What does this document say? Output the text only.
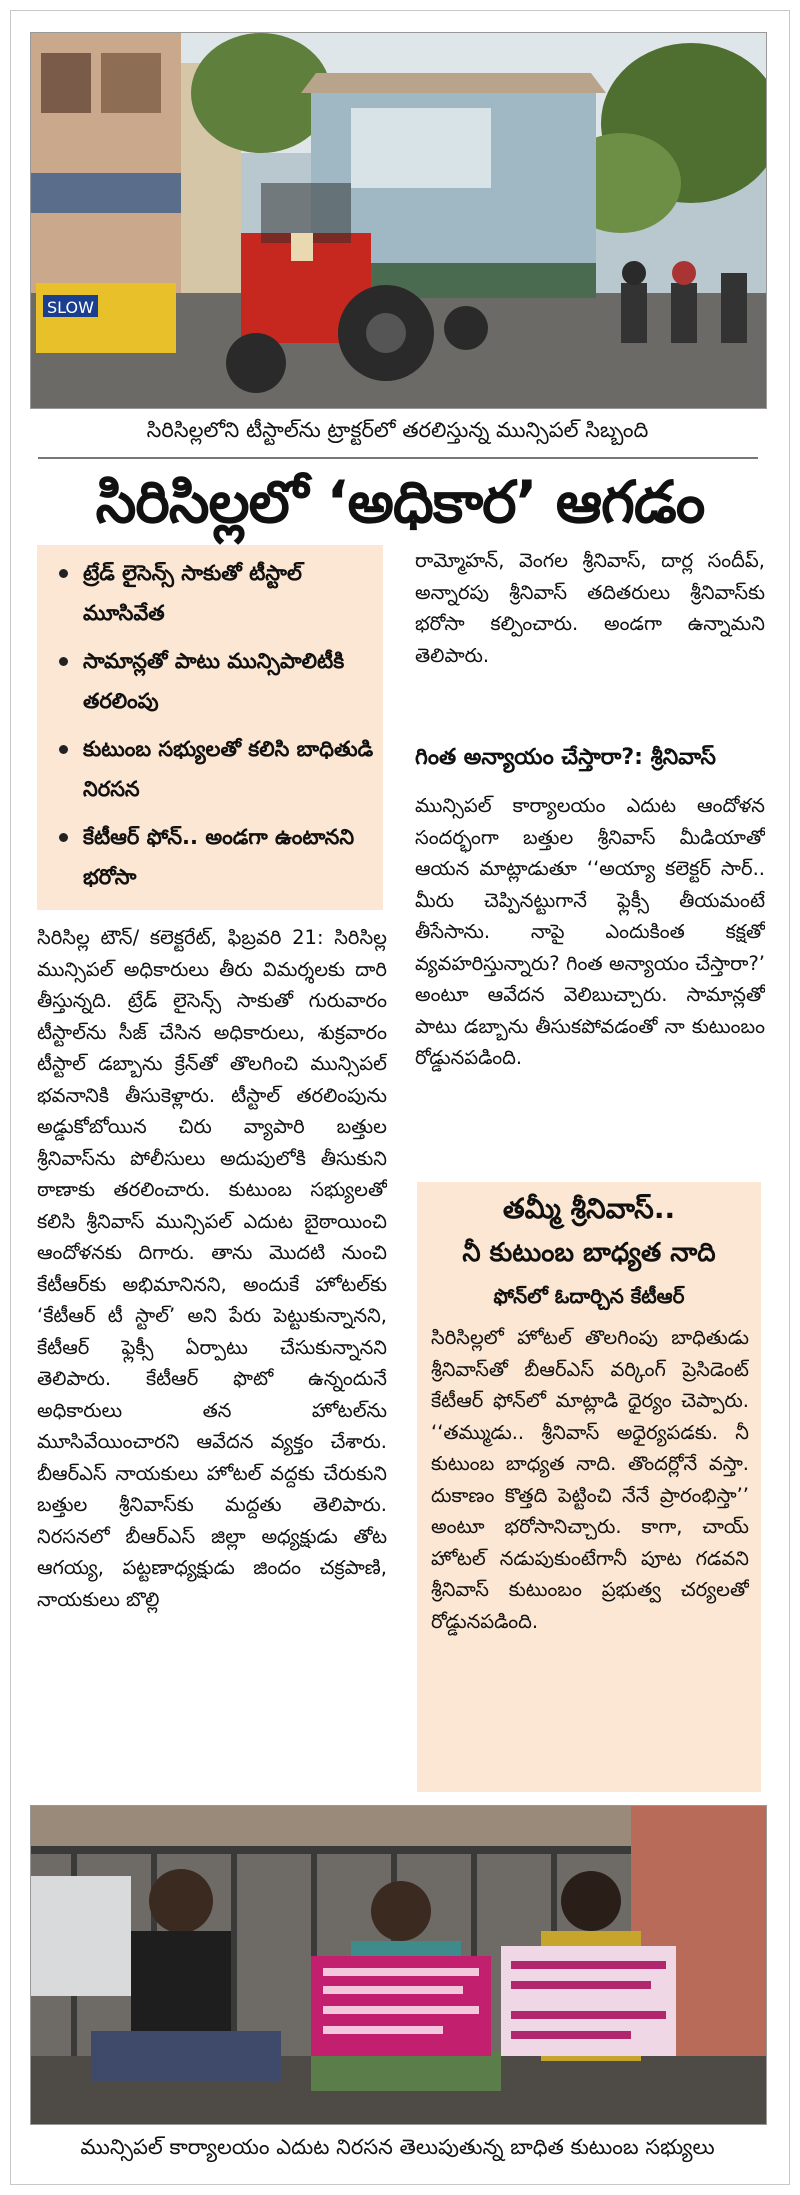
SLOW
సిరిసిల్లలోని టీస్టాల్‌ను ట్రాక్టర్‌లో తరలిస్తున్న మున్సిపల్ సిబ్బంది
సిరిసిల్లలో ‘అధికార’ ఆగడం
ట్రేడ్ లైసెన్స్ సాకుతో టీస్టాల్ మూసివేత
సామాన్లతో పాటు మున్సిపాలిటీకి తరలింపు
కుటుంబ సభ్యులతో కలిసి బాధితుడి నిరసన
కేటీఆర్ ఫోన్.. అండగా ఉంటానని భరోసా

సిరిసిల్ల టౌన్/ కలెక్టరేట్, ఫిబ్రవరి 21: సిరిసిల్ల మున్సిపల్ అధికారులు తీరు విమర్శలకు దారి తీస్తున్నది. ట్రేడ్ లైసెన్స్ సాకుతో గురువారం టీస్టాల్‌ను సీజ్ చేసిన అధికారులు, శుక్రవారం టీస్టాల్ డబ్బాను క్రేన్‌తో తొలగించి మున్సిపల్ భవనానికి తీసుకెళ్లారు. టీస్టాల్ తరలింపును అడ్డుకోబోయిన చిరు వ్యాపారి బత్తుల శ్రీనివాస్‌ను పోలీసులు అదుపులోకి తీసుకుని ఠాణాకు తరలించారు. కుటుంబ సభ్యులతో కలిసి శ్రీనివాస్ మున్సిపల్ ఎదుట బైఠాయించి ఆందోళనకు దిగారు. తాను మొదటి నుంచి కేటీఆర్‌కు అభిమానినని, అందుకే హోటల్‌కు ‘కేటీఆర్ టీ స్టాల్’ అని పేరు పెట్టుకున్నానని, కేటీఆర్ ఫ్లెక్సీ ఏర్పాటు చేసుకున్నానని తెలిపారు. కేటీఆర్ ఫొటో ఉన్నందునే అధికారులు తన హోటల్‌ను మూసివేయించారని ఆవేదన వ్యక్తం చేశారు. బీఆర్ఎస్ నాయకులు హోటల్ వద్దకు చేరుకుని బత్తుల శ్రీనివాస్‌కు మద్దతు తెలిపారు. నిరసనలో బీఆర్ఎస్ జిల్లా అధ్యక్షుడు తోట ఆగయ్య, పట్టణాధ్యక్షుడు జిందం చక్రపాణి, నాయకులు బొల్లి

రామ్మోహన్, వెంగల శ్రీనివాస్, దార్ల సందీప్, అన్నారపు శ్రీనివాస్ తదితరులు శ్రీనివాస్‌కు భరోసా కల్పించారు. అండగా ఉన్నామని తెలిపారు.

గింత అన్యాయం చేస్తారా?: శ్రీనివాస్

మున్సిపల్ కార్యాలయం ఎదుట ఆందోళన సందర్భంగా బత్తుల శ్రీనివాస్ మీడియాతో ఆయన మాట్లాడుతూ ‘‘అయ్యా కలెక్టర్ సార్.. మీరు చెప్పినట్టుగానే ఫ్లెక్సీ తీయమంటే తీసేసాను. నాపై ఎందుకింత కక్షతో వ్యవహరిస్తున్నారు? గింత అన్యాయం చేస్తారా?’ అంటూ ఆవేదన వెలిబుచ్చారు. సామాన్లతో పాటు డబ్బాను తీసుకపోవడంతో నా కుటుంబం రోడ్డునపడింది.

తమ్మీ శ్రీనివాస్..
నీ కుటుంబ బాధ్యత నాది
ఫోన్‌లో ఓదార్చిన కేటీఆర్
సిరిసిల్లలో హోటల్ తొలగింపు బాధితుడు శ్రీనివాస్‌తో బీఆర్ఎస్ వర్కింగ్ ప్రెసిడెంట్ కేటీఆర్ ఫోన్‌లో మాట్లాడి ధైర్యం చెప్పారు. ‘‘తమ్ముడు.. శ్రీనివాస్ అధైర్యపడకు. నీ కుటుంబ బాధ్యత నాది. తొందర్లోనే వస్తా. దుకాణం కొత్తది పెట్టించి నేనే ప్రారంభిస్తా’’ అంటూ భరోసానిచ్చారు. కాగా, చాయ్ హోటల్ నడుపుకుంటేగానీ పూట గడవని శ్రీనివాస్ కుటుంబం ప్రభుత్వ చర్యలతో రోడ్డునపడింది.
మున్సిపల్ కార్యాలయం ఎదుట నిరసన తెలుపుతున్న బాధిత కుటుంబ సభ్యులు
